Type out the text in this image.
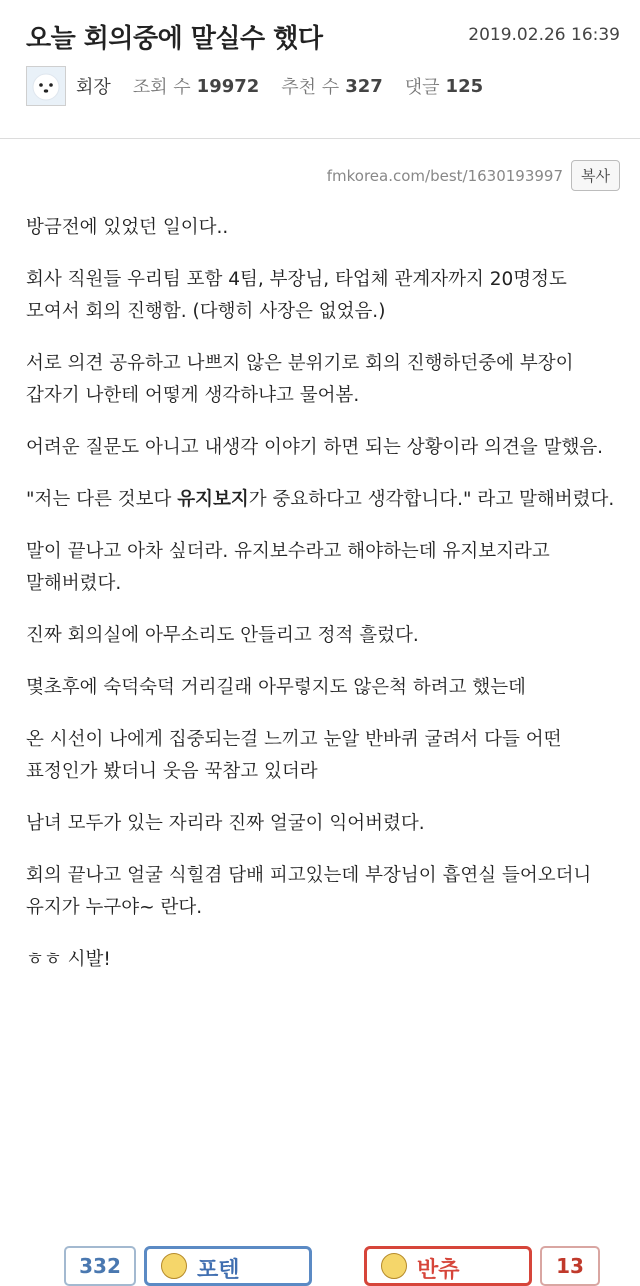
오늘 회의중에 말실수 했다	2019.02.26 16:39
회장 조회 수 19972 추천 수 327 댓글 125
fmkorea.com/best/1630193997	복사

방금전에 있었던 일이다..

회사 직원들 우리팀 포함 4팀, 부장님, 타업체 관계자까지 20명정도 모여서 회의 진행함. (다행히 사장은 없었음.)

서로 의견 공유하고 나쁘지 않은 분위기로 회의 진행하던중에 부장이 갑자기 나한테 어떻게 생각하냐고 물어봄.

어려운 질문도 아니고 내생각 이야기 하면 되는 상황이라 의견을 말했음.

"저는 다른 것보다 유지보지가 중요하다고 생각합니다." 라고 말해버렸다.

말이 끝나고 아차 싶더라. 유지보수라고 해야하는데 유지보지라고 말해버렸다.

진짜 회의실에 아무소리도 안들리고 정적 흘렀다.

몇초후에 숙덕숙덕 거리길래 아무렇지도 않은척 하려고 했는데

온 시선이 나에게 집중되는걸 느끼고 눈알 반바퀴 굴려서 다들 어떤 표정인가 봤더니 웃음 꾹참고 있더라

남녀 모두가 있는 자리라 진짜 얼굴이 익어버렸다.

회의 끝나고 얼굴 식힐겸 담배 피고있는데 부장님이 흡연실 들어오더니 유지가 누구야~ 란다.

ㅎㅎ 시발!

332	포텐	반츄	13
